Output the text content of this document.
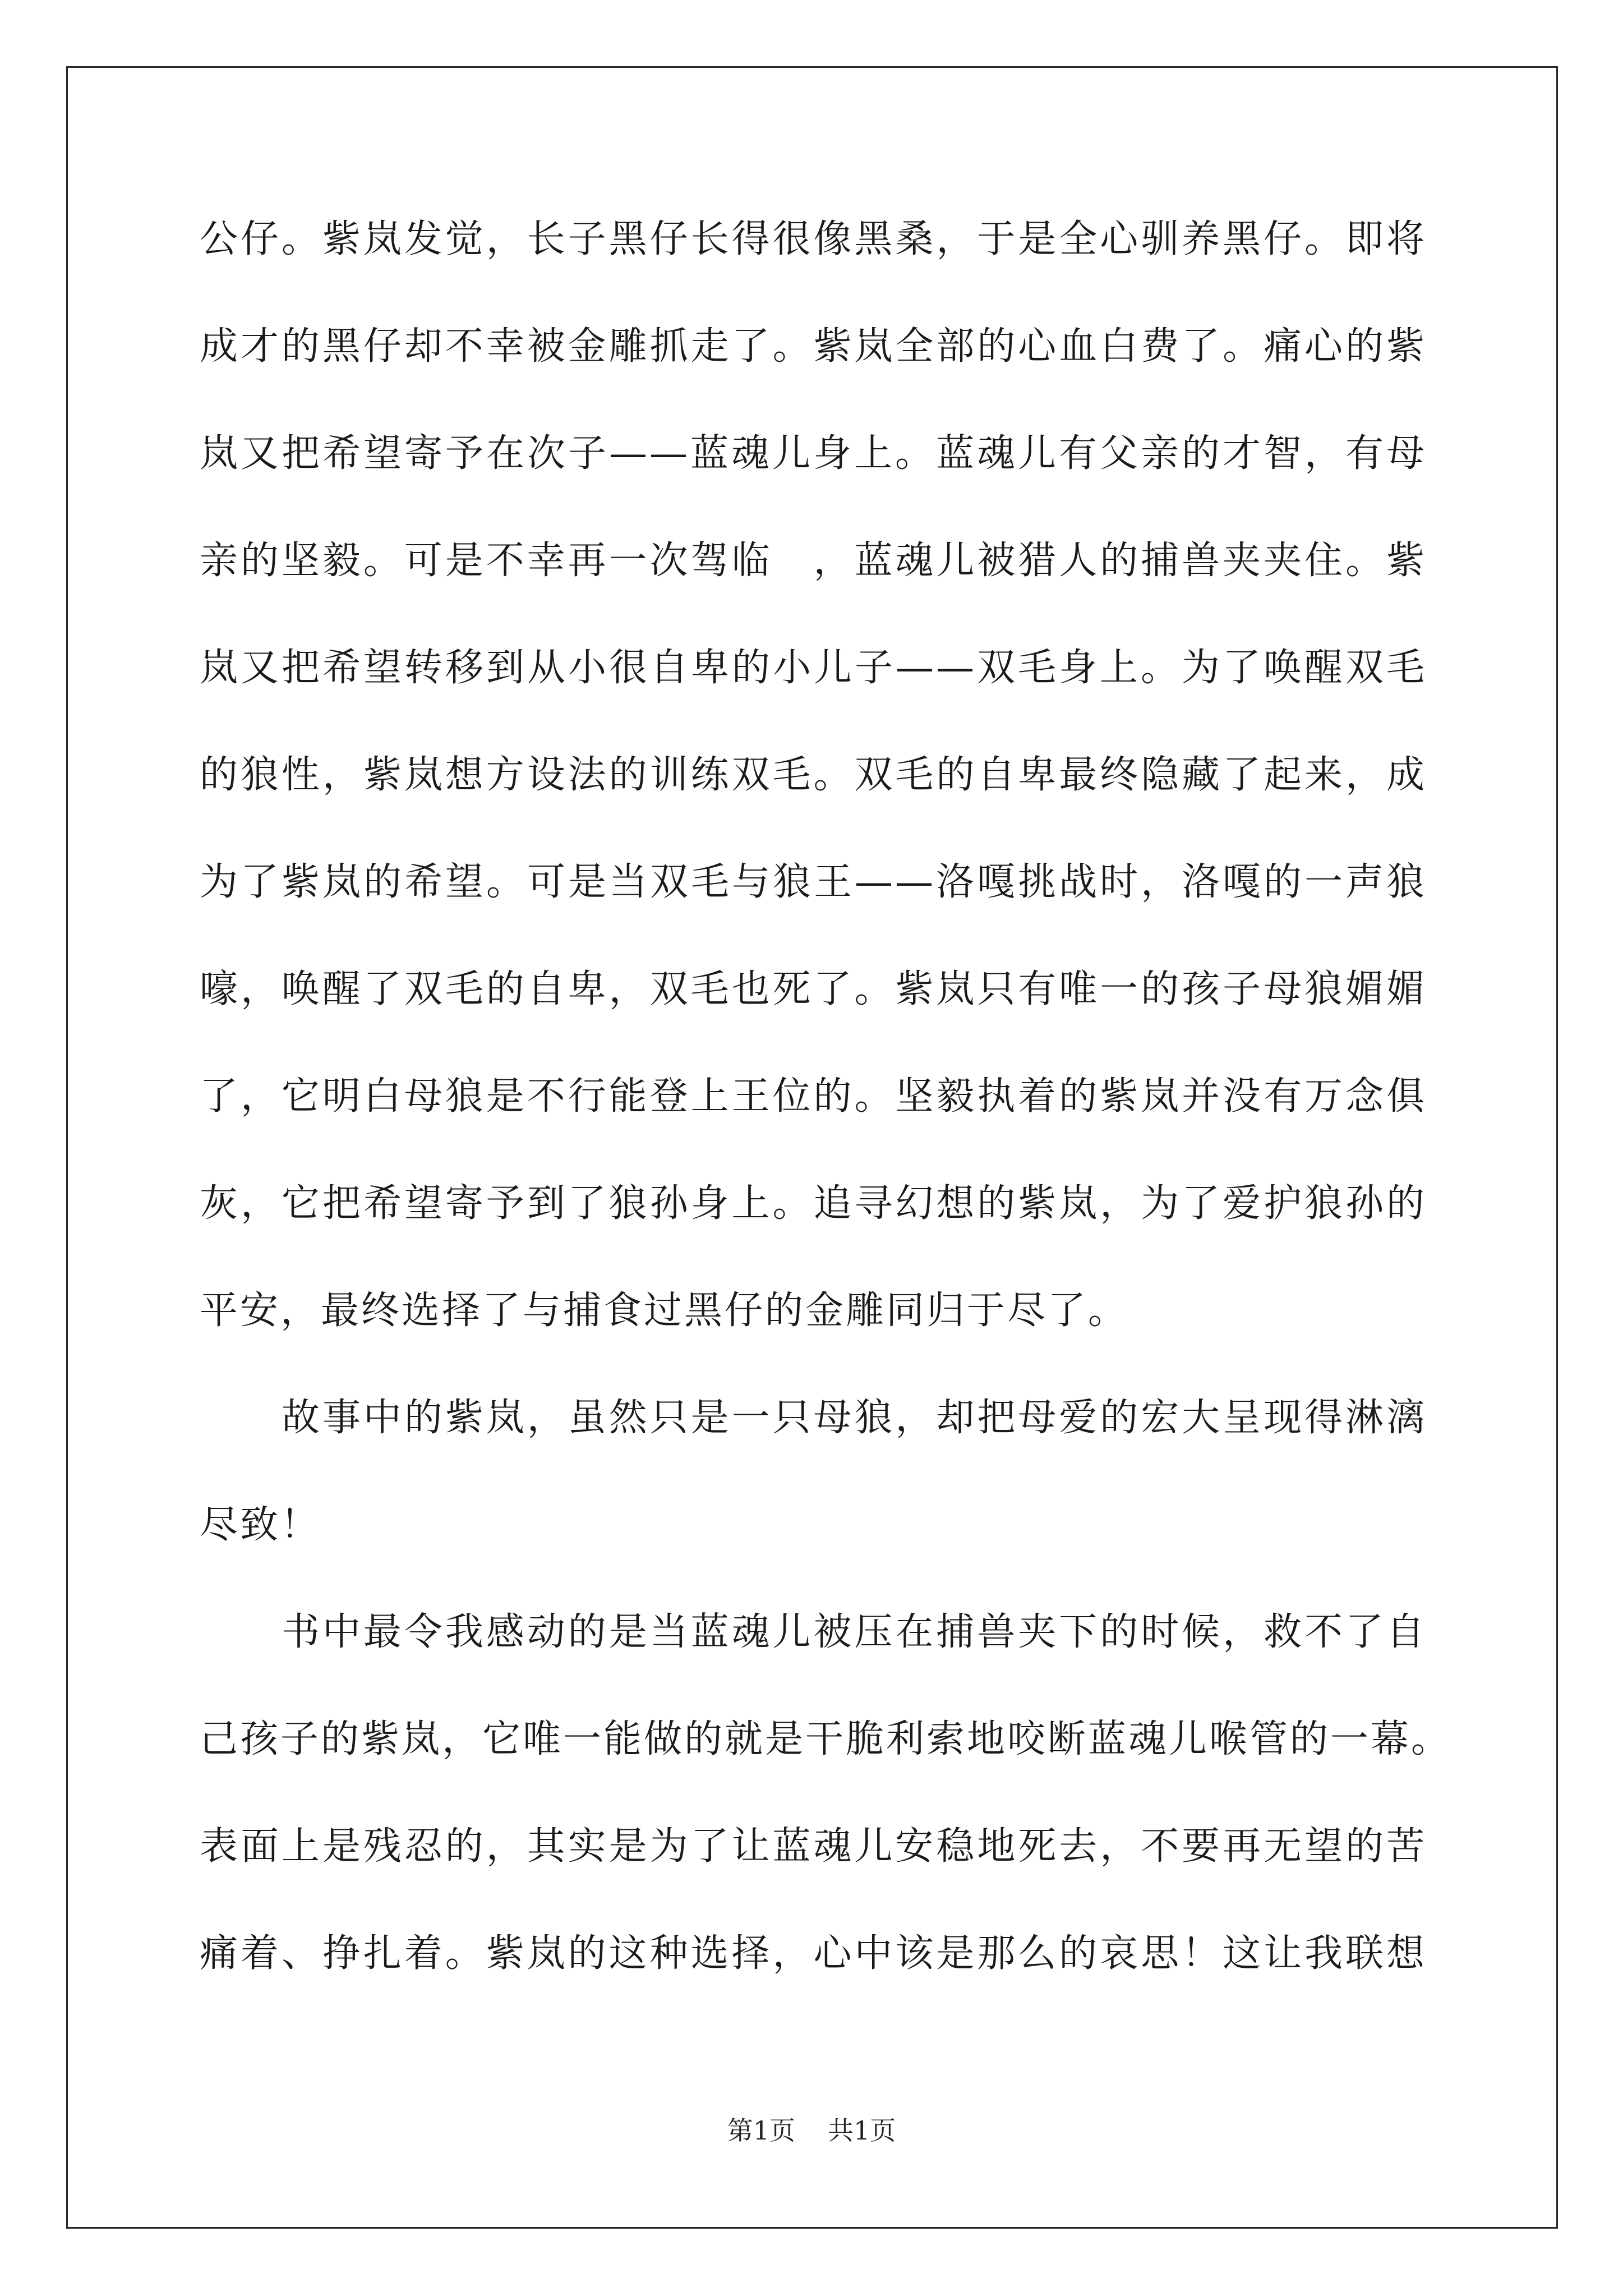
公仔。紫岚发觉，长子黑仔长得很像黑桑，于是全心驯养黑仔。即将
成才的黑仔却不幸被金雕抓走了。紫岚全部的心血白费了。痛心的紫
岚又把希望寄予在次子——蓝魂儿身上。蓝魂儿有父亲的才智，有母
亲的坚毅。可是不幸再一次驾临　，蓝魂儿被猎人的捕兽夹夹住。紫
岚又把希望转移到从小很自卑的小儿子——双毛身上。为了唤醒双毛
的狼性，紫岚想方设法的训练双毛。双毛的自卑最终隐藏了起来，成
为了紫岚的希望。可是当双毛与狼王——洛嘎挑战时，洛嘎的一声狼
嚎，唤醒了双毛的自卑，双毛也死了。紫岚只有唯一的孩子母狼媚媚
了，它明白母狼是不行能登上王位的。坚毅执着的紫岚并没有万念俱
灰，它把希望寄予到了狼孙身上。追寻幻想的紫岚，为了爱护狼孙的
平安，最终选择了与捕食过黑仔的金雕同归于尽了。
故事中的紫岚，虽然只是一只母狼，却把母爱的宏大呈现得淋漓
尽致！
书中最令我感动的是当蓝魂儿被压在捕兽夹下的时候，救不了自
己孩子的紫岚，它唯一能做的就是干脆利索地咬断蓝魂儿喉管的一幕。
表面上是残忍的，其实是为了让蓝魂儿安稳地死去，不要再无望的苦
痛着、挣扎着。紫岚的这种选择，心中该是那么的哀思！这让我联想
第1页 共1页
